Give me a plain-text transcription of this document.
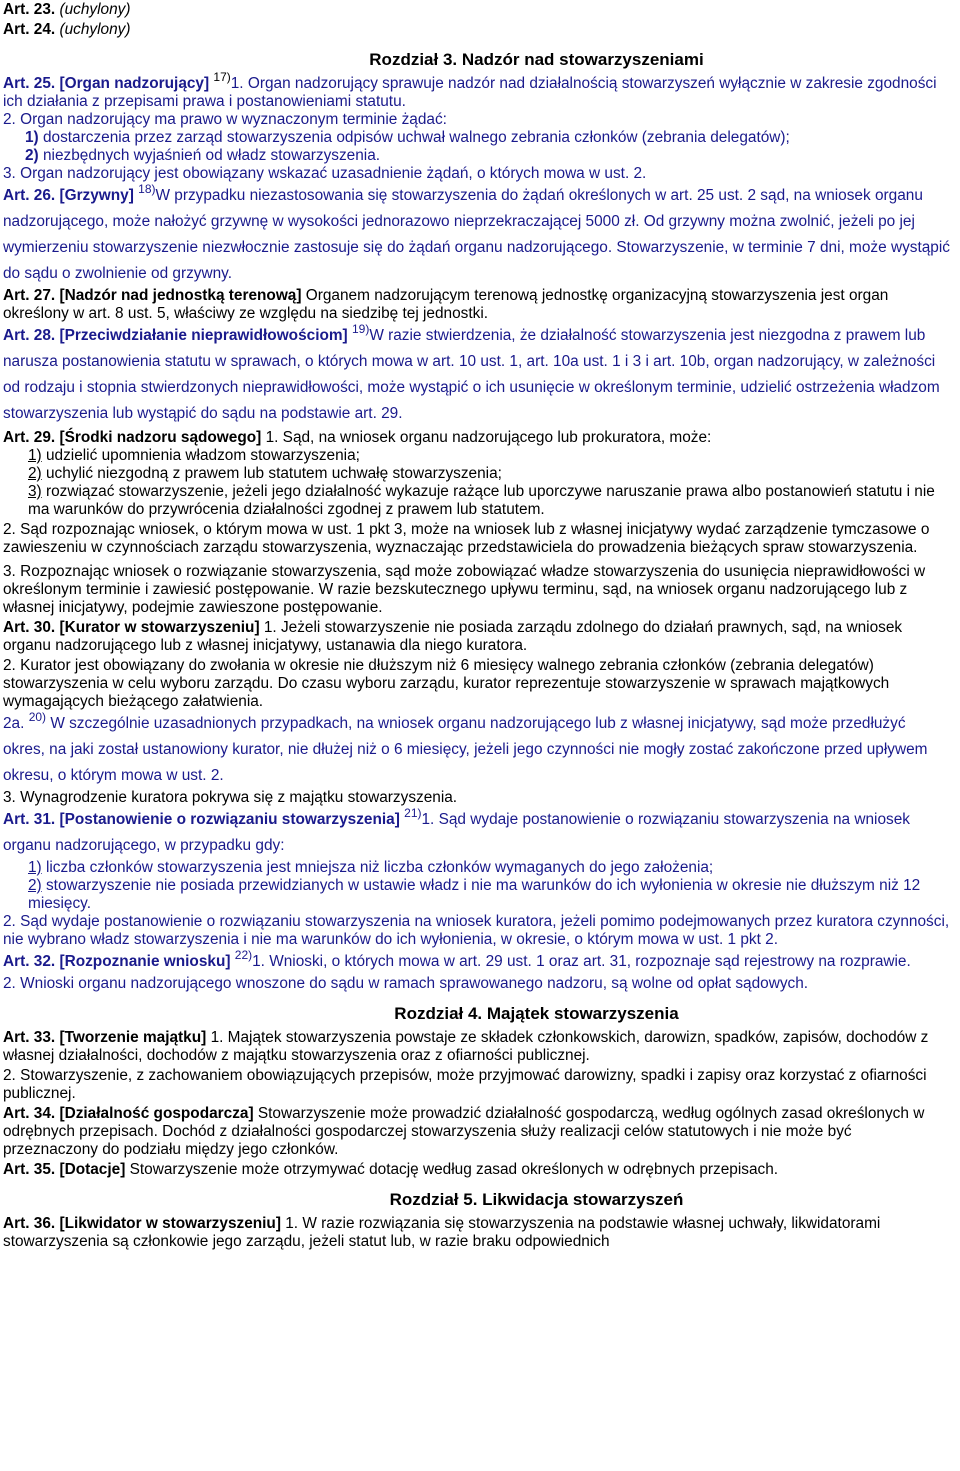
Art. 23. (uchylony)

Art. 24. (uchylony)

Rozdział 3. Nadzór nad stowarzyszeniami

Art. 25. [Organ nadzorujący] $^{17)}$1. Organ nadzorujący sprawuje nadzór nad działalnością stowarzyszeń wyłącznie w zakresie zgodności ich działania z przepisami prawa i postanowieniami statutu.

2. Organ nadzorujący ma prawo w wyznaczonym terminie żądać:

1) dostarczenia przez zarząd stowarzyszenia odpisów uchwał walnego zebrania członków (zebrania delegatów);

2) niezbędnych wyjaśnień od władz stowarzyszenia.

3. Organ nadzorujący jest obowiązany wskazać uzasadnienie żądań, o których mowa w ust. 2.

Art. 26. [Grzywny] $^{18)}$W przypadku niezastosowania się stowarzyszenia do żądań określonych w art. 25 ust. 2 sąd, na wniosek organu nadzorującego, może nałożyć grzywnę w wysokości jednorazowo nieprzekraczającej 5000 zł. Od grzywny można zwolnić, jeżeli po jej wymierzeniu stowarzyszenie niezwłocznie zastosuje się do żądań organu nadzorującego. Stowarzyszenie, w terminie 7 dni, może wystąpić do sądu o zwolnienie od grzywny.

Art. 27. [Nadzór nad jednostką terenową] Organem nadzorującym terenową jednostkę organizacyjną stowarzyszenia jest organ określony w art. 8 ust. 5, właściwy ze względu na siedzibę tej jednostki.

Art. 28. [Przeciwdziałanie nieprawidłowościom] $^{19)}$W razie stwierdzenia, że działalność stowarzyszenia jest niezgodna z prawem lub narusza postanowienia statutu w sprawach, o których mowa w art. 10 ust. 1, art. 10a ust. 1 i 3 i art. 10b, organ nadzorujący, w zależności od rodzaju i stopnia stwierdzonych nieprawidłowości, może wystąpić o ich usunięcie w określonym terminie, udzielić ostrzeżenia władzom stowarzyszenia lub wystąpić do sądu na podstawie art. 29.

Art. 29. [Środki nadzoru sądowego] 1. Sąd, na wniosek organu nadzorującego lub prokuratora, może:

1) udzielić upomnienia władzom stowarzyszenia;

2) uchylić niezgodną z prawem lub statutem uchwałę stowarzyszenia;

3) rozwiązać stowarzyszenie, jeżeli jego działalność wykazuje rażące lub uporczywe naruszanie prawa albo postanowień statutu i nie ma warunków do przywrócenia działalności zgodnej z prawem lub statutem.

2. Sąd rozpoznając wniosek, o którym mowa w ust. 1 pkt 3, może na wniosek lub z własnej inicjatywy wydać zarządzenie tymczasowe o zawieszeniu w czynnościach zarządu stowarzyszenia, wyznaczając przedstawiciela do prowadzenia bieżących spraw stowarzyszenia.

3. Rozpoznając wniosek o rozwiązanie stowarzyszenia, sąd może zobowiązać władze stowarzyszenia do usunięcia nieprawidłowości w określonym terminie i zawiesić postępowanie. W razie bezskutecznego upływu terminu, sąd, na wniosek organu nadzorującego lub z własnej inicjatywy, podejmie zawieszone postępowanie.

Art. 30. [Kurator w stowarzyszeniu] 1. Jeżeli stowarzyszenie nie posiada zarządu zdolnego do działań prawnych, sąd, na wniosek organu nadzorującego lub z własnej inicjatywy, ustanawia dla niego kuratora.

2. Kurator jest obowiązany do zwołania w okresie nie dłuższym niż 6 miesięcy walnego zebrania członków (zebrania delegatów) stowarzyszenia w celu wyboru zarządu. Do czasu wyboru zarządu, kurator reprezentuje stowarzyszenie w sprawach majątkowych wymagających bieżącego załatwienia.

2a. $^{20)}$ W szczególnie uzasadnionych przypadkach, na wniosek organu nadzorującego lub z własnej inicjatywy, sąd może przedłużyć okres, na jaki został ustanowiony kurator, nie dłużej niż o 6 miesięcy, jeżeli jego czynności nie mogły zostać zakończone przed upływem okresu, o którym mowa w ust. 2.

3. Wynagrodzenie kuratora pokrywa się z majątku stowarzyszenia.

Art. 31. [Postanowienie o rozwiązaniu stowarzyszenia] $^{21)}$1. Sąd wydaje postanowienie o rozwiązaniu stowarzyszenia na wniosek organu nadzorującego, w przypadku gdy:

1) liczba członków stowarzyszenia jest mniejsza niż liczba członków wymaganych do jego założenia;

2) stowarzyszenie nie posiada przewidzianych w ustawie władz i nie ma warunków do ich wyłonienia w okresie nie dłuższym niż 12 miesięcy.

2. Sąd wydaje postanowienie o rozwiązaniu stowarzyszenia na wniosek kuratora, jeżeli pomimo podejmowanych przez kuratora czynności, nie wybrano władz stowarzyszenia i nie ma warunków do ich wyłonienia, w okresie, o którym mowa w ust. 1 pkt 2.

Art. 32. [Rozpoznanie wniosku] $^{22)}$1. Wnioski, o których mowa w art. 29 ust. 1 oraz art. 31, rozpoznaje sąd rejestrowy na rozprawie.

2. Wnioski organu nadzorującego wnoszone do sądu w ramach sprawowanego nadzoru, są wolne od opłat sądowych.

Rozdział 4. Majątek stowarzyszenia

Art. 33. [Tworzenie majątku] 1. Majątek stowarzyszenia powstaje ze składek członkowskich, darowizn, spadków, zapisów, dochodów z własnej działalności, dochodów z majątku stowarzyszenia oraz z ofiarności publicznej.

2. Stowarzyszenie, z zachowaniem obowiązujących przepisów, może przyjmować darowizny, spadki i zapisy oraz korzystać z ofiarności publicznej.

Art. 34. [Działalność gospodarcza] Stowarzyszenie może prowadzić działalność gospodarczą, według ogólnych zasad określonych w odrębnych przepisach. Dochód z działalności gospodarczej stowarzyszenia służy realizacji celów statutowych i nie może być przeznaczony do podziału między jego członków.

Art. 35. [Dotacje] Stowarzyszenie może otrzymywać dotację według zasad określonych w odrębnych przepisach.

Rozdział 5. Likwidacja stowarzyszeń

Art. 36. [Likwidator w stowarzyszeniu] 1. W razie rozwiązania się stowarzyszenia na podstawie własnej uchwały, likwidatorami stowarzyszenia są członkowie jego zarządu, jeżeli statut lub, w razie braku odpowiednich
